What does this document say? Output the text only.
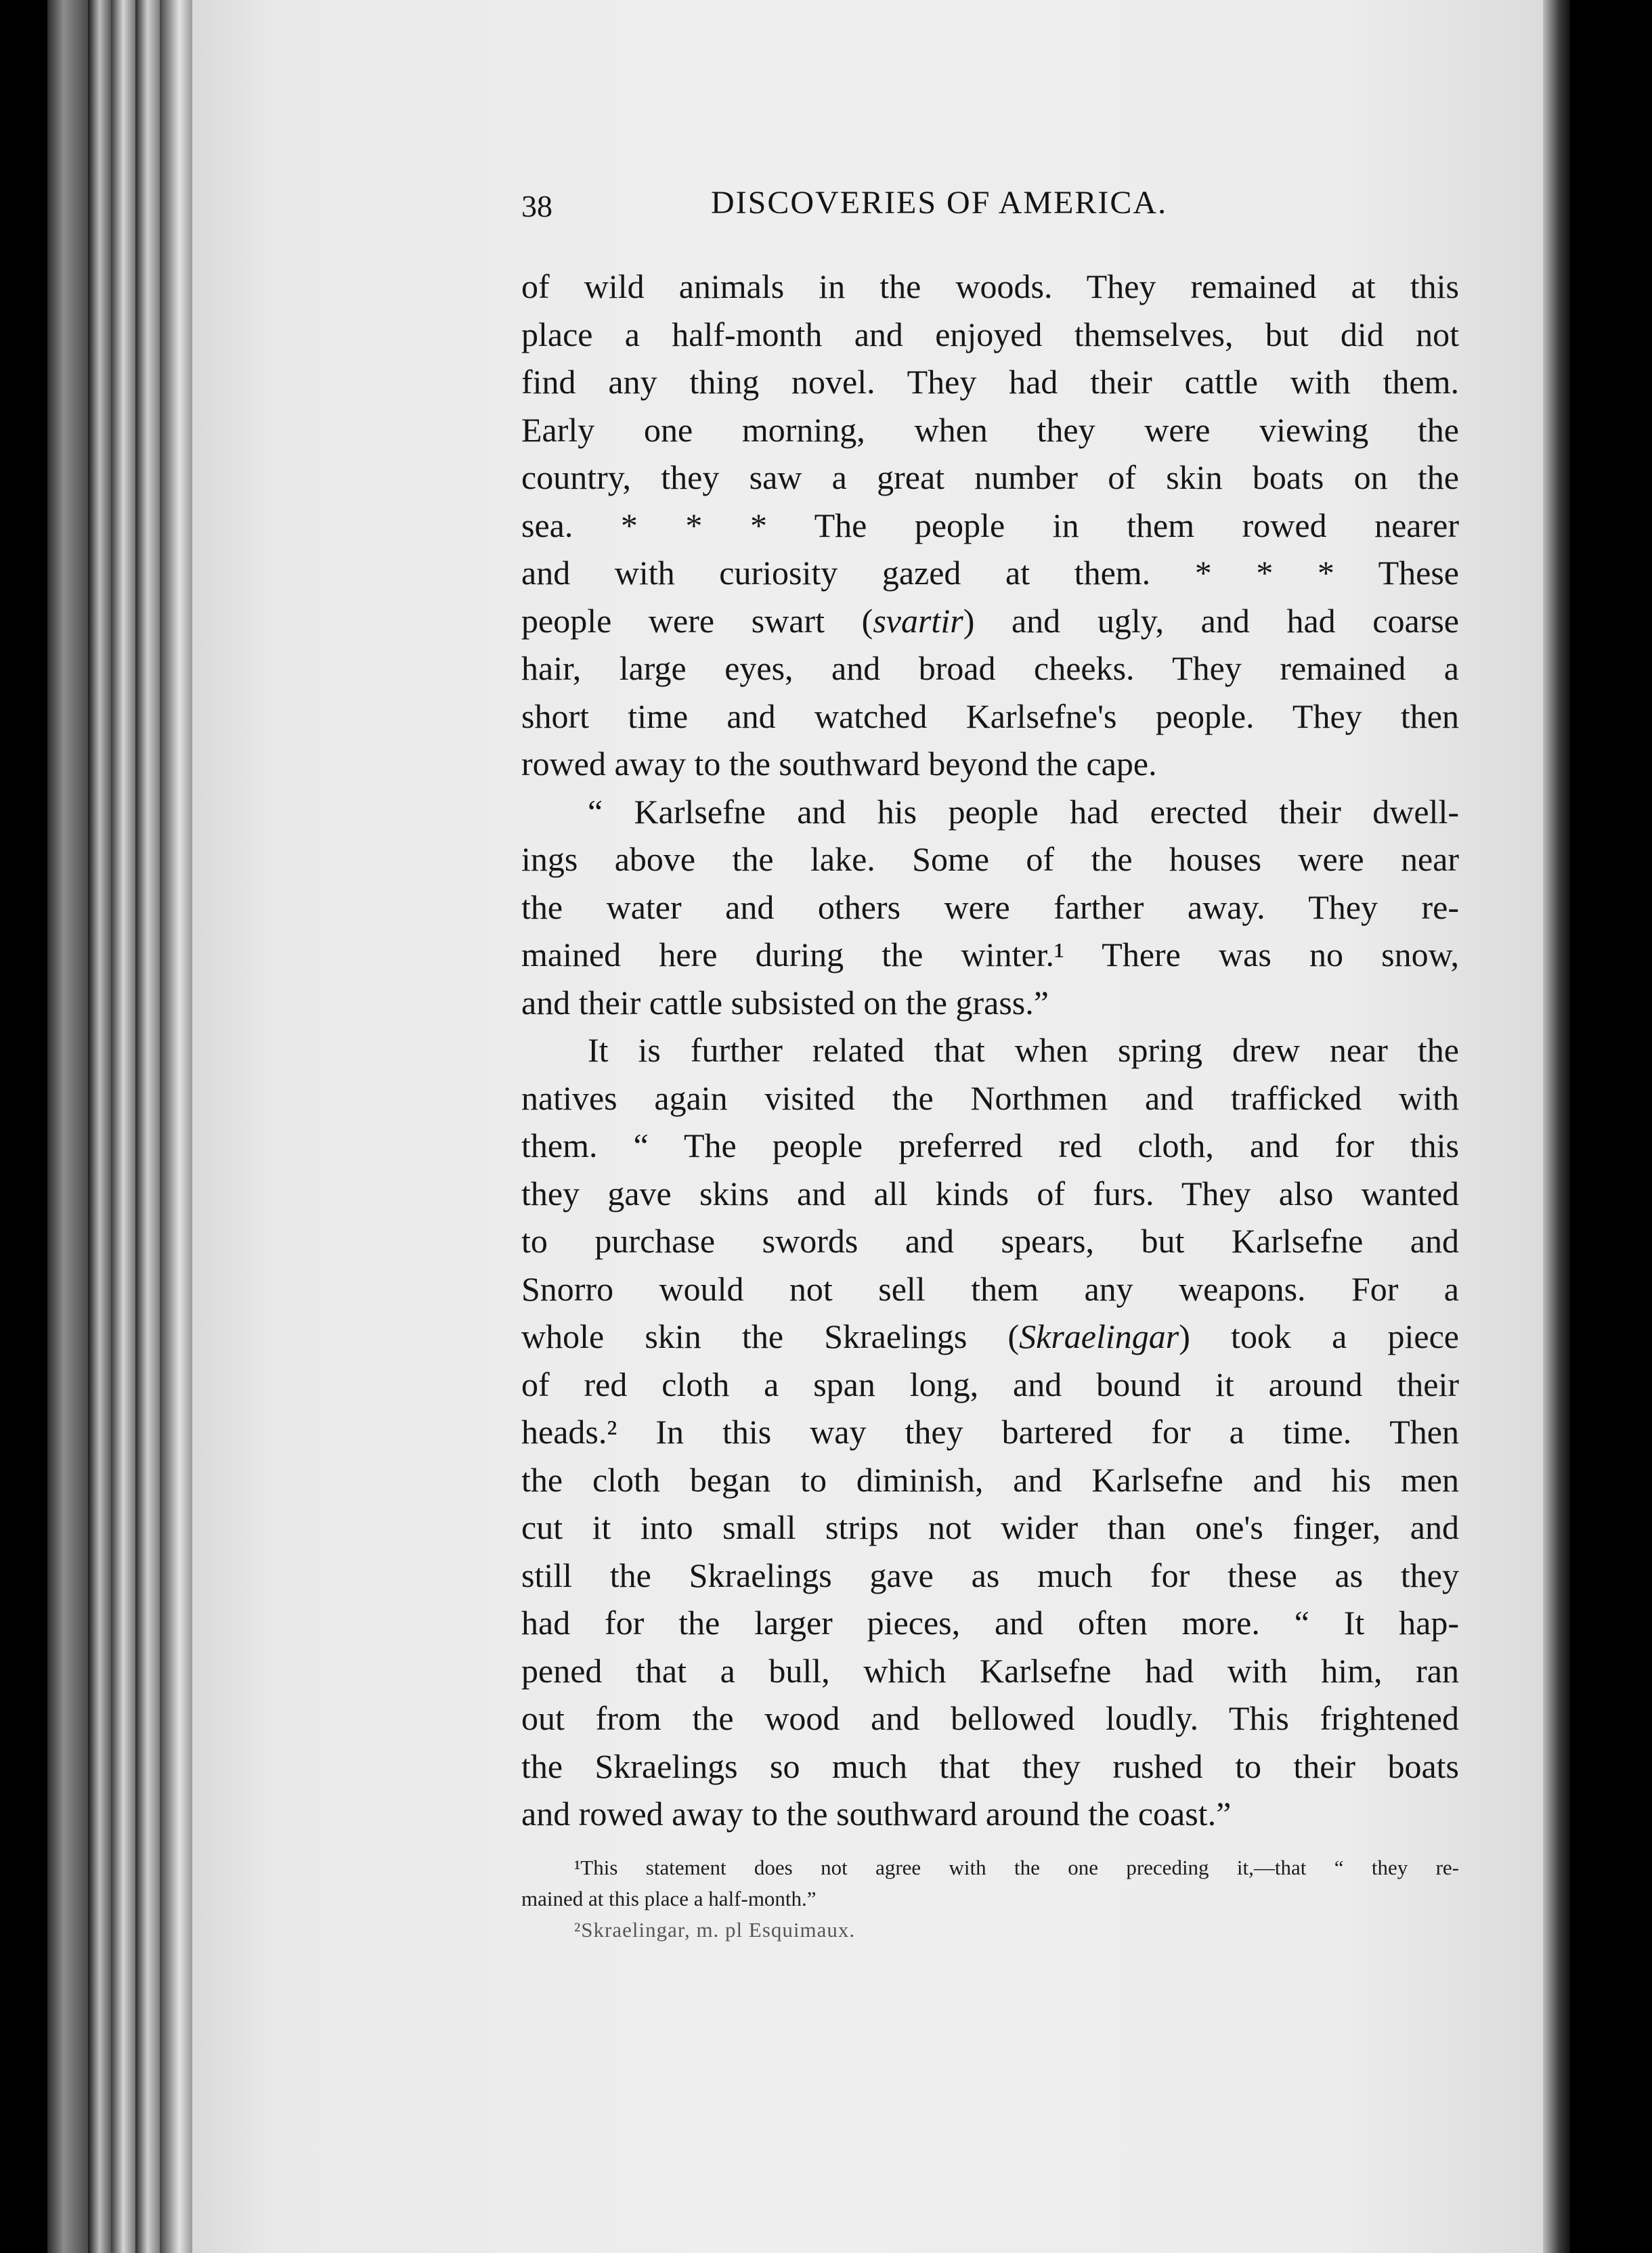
38	DISCOVERIES OF AMERICA.
of wild animals in the woods. They remained at this
place a half-month and enjoyed themselves, but did not
find any thing novel. They had their cattle with them.
Early one morning, when they were viewing the
country, they saw a great number of skin boats on the
sea. * * * The people in them rowed nearer
and with curiosity gazed at them. * * * These
people were swart (svartir) and ugly, and had coarse
hair, large eyes, and broad cheeks. They remained a
short time and watched Karlsefne's people. They then
rowed away to the southward beyond the cape.
“ Karlsefne and his people had erected their dwell-
ings above the lake. Some of the houses were near
the water and others were farther away. They re-
mained here during the winter.¹ There was no snow,
and their cattle subsisted on the grass.”
It is further related that when spring drew near the
natives again visited the Northmen and trafficked with
them. “ The people preferred red cloth, and for this
they gave skins and all kinds of furs. They also wanted
to purchase swords and spears, but Karlsefne and
Snorro would not sell them any weapons. For a
whole skin the Skraelings (Skraelingar) took a piece
of red cloth a span long, and bound it around their
heads.² In this way they bartered for a time. Then
the cloth began to diminish, and Karlsefne and his men
cut it into small strips not wider than one's finger, and
still the Skraelings gave as much for these as they
had for the larger pieces, and often more. “ It hap-
pened that a bull, which Karlsefne had with him, ran
out from the wood and bellowed loudly. This frightened
the Skraelings so much that they rushed to their boats
and rowed away to the southward around the coast.”
¹This statement does not agree with the one preceding it,—that “ they re-
mained at this place a half-month.”
²Skraelingar, m. pl Esquimaux.
